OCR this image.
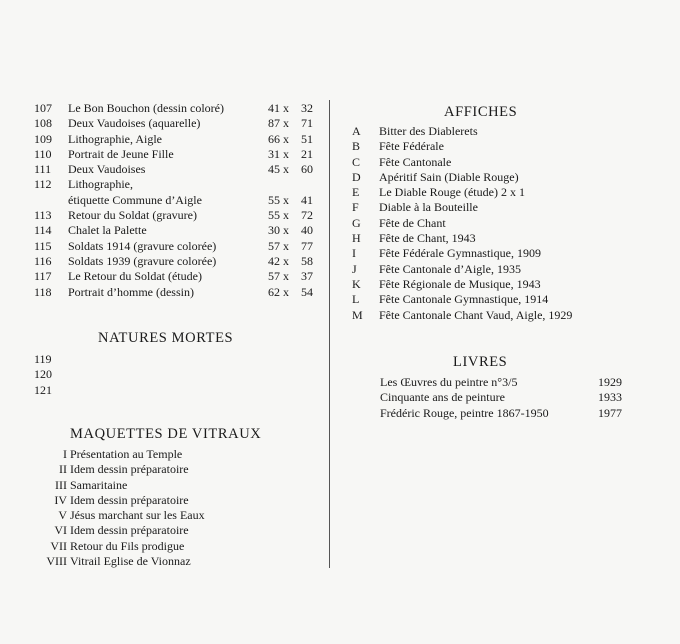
107 Le Bon Bouchon (dessin coloré)	41 x	32
108 Deux Vaudoises (aquarelle)	87 x	71
109 Lithographie, Aigle	66 x	51
110 Portrait de Jeune Fille	31 x	21
111 Deux Vaudoises	45 x	60
112 Lithographie,
étiquette Commune d’Aigle	55 x	41
113 Retour du Soldat (gravure)	55 x	72
114 Chalet la Palette	30 x	40
115 Soldats 1914 (gravure colorée)	57 x	77
116 Soldats 1939 (gravure colorée)	42 x	58
117 Le Retour du Soldat (étude)	57 x	37
118 Portrait d’homme (dessin)	62 x	54
NATURES MORTES
119
120
121
MAQUETTES DE VITRAUX
I Présentation au Temple
II Idem dessin préparatoire
III Samaritaine
IV Idem dessin préparatoire
V Jésus marchant sur les Eaux
VI Idem dessin préparatoire
VII Retour du Fils prodigue
VIII Vitrail Eglise de Vionnaz
AFFICHES
A	Bitter des Diablerets
B	Fête Fédérale
C	Fête Cantonale
D	Apéritif Sain (Diable Rouge)
E	Le Diable Rouge (étude) 2 x 1
F	Diable à la Bouteille
G	Fête de Chant
H	Fête de Chant, 1943
I	Fête Fédérale Gymnastique, 1909
J	Fête Cantonale d’Aigle, 1935
K	Fête Régionale de Musique, 1943
L	Fête Cantonale Gymnastique, 1914
M Fête Cantonale Chant Vaud, Aigle, 1929
LIVRES
Les Œuvres du peintre n°3/5	1929
Cinquante ans de peinture	1933
Frédéric Rouge, peintre 1867-1950	1977
